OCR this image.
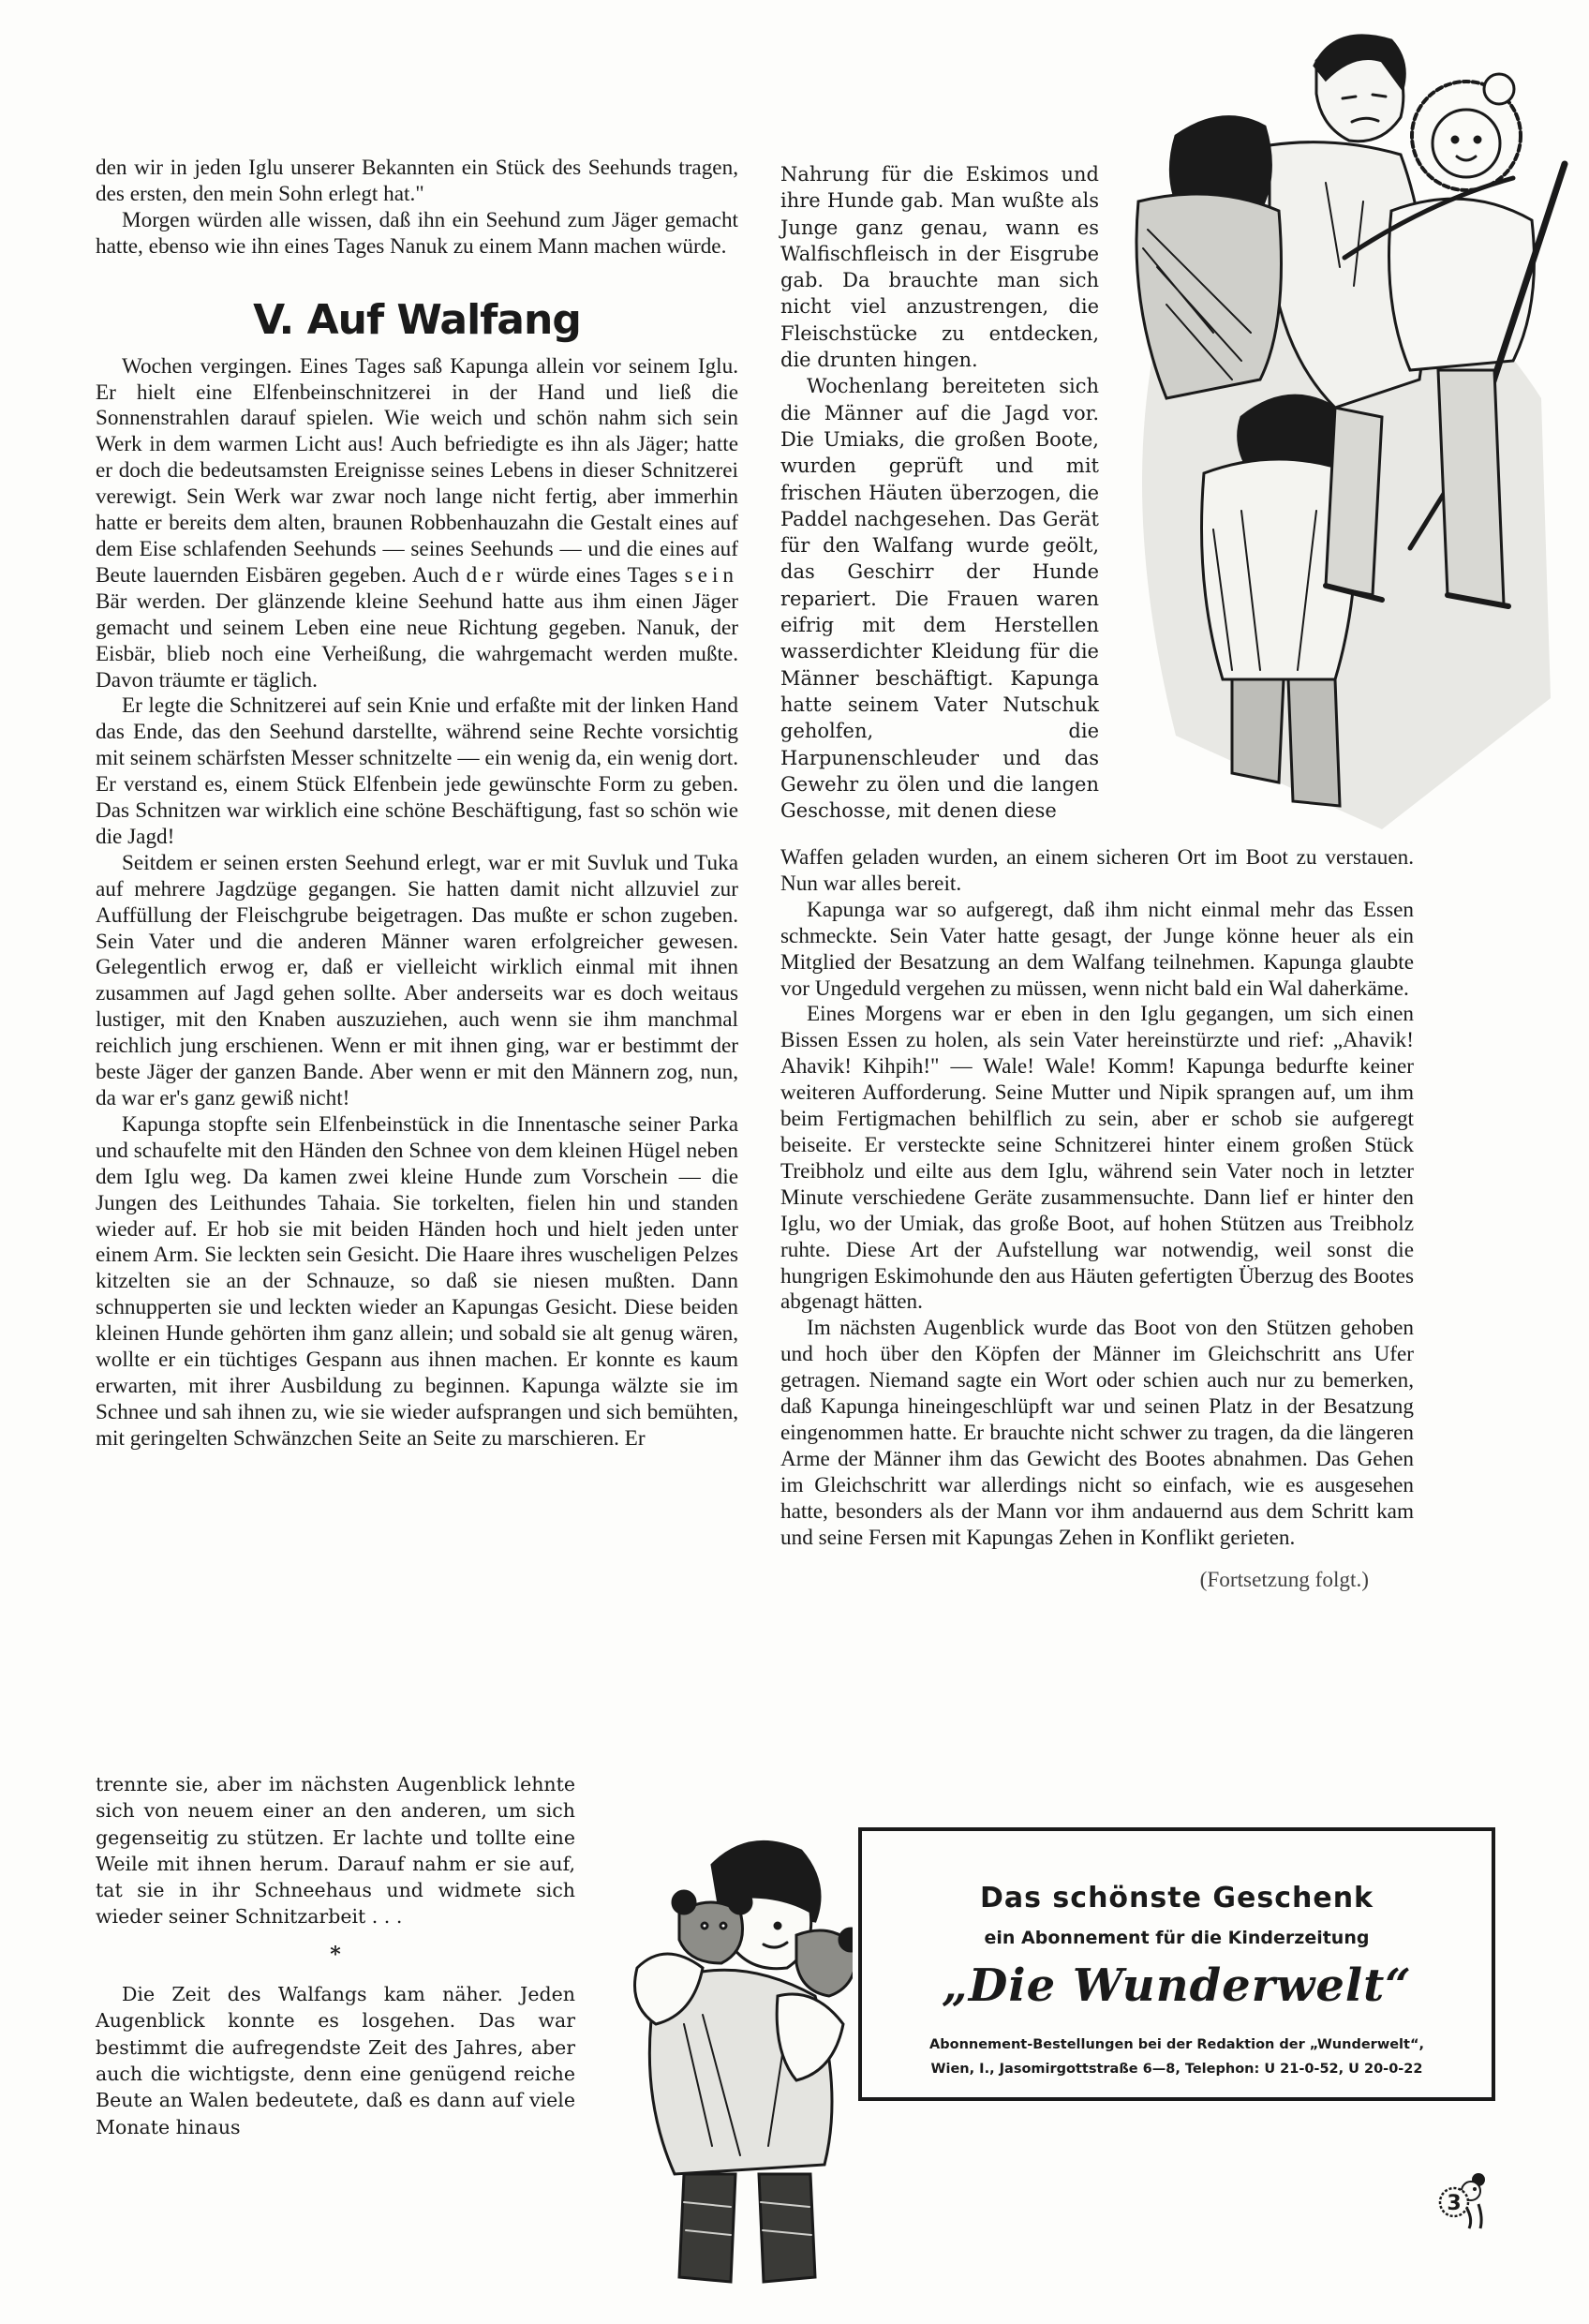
den wir in jeden Iglu unserer Bekannten ein Stück des Seehunds tragen, des ersten, den mein Sohn erlegt hat."

Morgen würden alle wissen, daß ihn ein Seehund zum Jäger gemacht hatte, ebenso wie ihn eines Tages Nanuk zu einem Mann machen würde.

V. Auf Walfang

Wochen vergingen. Eines Tages saß Kapunga allein vor seinem Iglu. Er hielt eine Elfenbeinschnitzerei in der Hand und ließ die Sonnenstrahlen darauf spielen. Wie weich und schön nahm sich sein Werk in dem warmen Licht aus! Auch befriedigte es ihn als Jäger; hatte er doch die bedeutsamsten Ereignisse seines Lebens in dieser Schnitzerei verewigt. Sein Werk war zwar noch lange nicht fertig, aber immerhin hatte er bereits dem alten, braunen Robbenhauzahn die Gestalt eines auf dem Eise schlafenden Seehunds — seines Seehunds — und die eines auf Beute lauernden Eisbären gegeben. Auch der würde eines Tages sein Bär werden. Der glänzende kleine Seehund hatte aus ihm einen Jäger gemacht und seinem Leben eine neue Richtung gegeben. Nanuk, der Eisbär, blieb noch eine Verheißung, die wahrgemacht werden mußte. Davon träumte er täglich.

Er legte die Schnitzerei auf sein Knie und erfaßte mit der linken Hand das Ende, das den Seehund darstellte, während seine Rechte vorsichtig mit seinem schärfsten Messer schnitzelte — ein wenig da, ein wenig dort. Er verstand es, einem Stück Elfenbein jede gewünschte Form zu geben. Das Schnitzen war wirklich eine schöne Beschäftigung, fast so schön wie die Jagd!

Seitdem er seinen ersten Seehund erlegt, war er mit Suvluk und Tuka auf mehrere Jagdzüge gegangen. Sie hatten damit nicht allzuviel zur Auffüllung der Fleischgrube beigetragen. Das mußte er schon zugeben. Sein Vater und die anderen Männer waren erfolgreicher gewesen. Gelegentlich erwog er, daß er vielleicht wirklich einmal mit ihnen zusammen auf Jagd gehen sollte. Aber anderseits war es doch weitaus lustiger, mit den Knaben auszuziehen, auch wenn sie ihm manchmal reichlich jung erschienen. Wenn er mit ihnen ging, war er bestimmt der beste Jäger der ganzen Bande. Aber wenn er mit den Männern zog, nun, da war er's ganz gewiß nicht!

Kapunga stopfte sein Elfenbeinstück in die Innentasche seiner Parka und schaufelte mit den Händen den Schnee von dem kleinen Hügel neben dem Iglu weg. Da kamen zwei kleine Hunde zum Vorschein — die Jungen des Leithundes Tahaia. Sie torkelten, fielen hin und standen wieder auf. Er hob sie mit beiden Händen hoch und hielt jeden unter einem Arm. Sie leckten sein Gesicht. Die Haare ihres wuscheligen Pelzes kitzelten sie an der Schnauze, so daß sie niesen mußten. Dann schnupperten sie und leckten wieder an Kapungas Gesicht. Diese beiden kleinen Hunde gehörten ihm ganz allein; und sobald sie alt genug wären, wollte er ein tüchtiges Gespann aus ihnen machen. Er konnte es kaum erwarten, mit ihrer Ausbildung zu beginnen. Kapunga wälzte sie im Schnee und sah ihnen zu, wie sie wieder aufsprangen und sich bemühten, mit geringelten Schwänzchen Seite an Seite zu marschieren. Er

trennte sie, aber im nächsten Augenblick lehnte sich von neuem einer an den anderen, um sich gegenseitig zu stützen. Er lachte und tollte eine Weile mit ihnen herum. Darauf nahm er sie auf, tat sie in ihr Schneehaus und widmete sich wieder seiner Schnitzarbeit . . .

*

Die Zeit des Walfangs kam näher. Jeden Augenblick konnte es losgehen. Das war bestimmt die aufregendste Zeit des Jahres, aber auch die wichtigste, denn eine genügend reiche Beute an Walen bedeutete, daß es dann auf viele Monate hinaus

Nahrung für die Eskimos und ihre Hunde gab. Man wußte als Junge ganz genau, wann es Walfischfleisch in der Eisgrube gab. Da brauchte man sich nicht viel anzustrengen, die Fleischstücke zu entdecken, die drunten hingen.

Wochenlang bereiteten sich die Männer auf die Jagd vor. Die Umiaks, die großen Boote, wurden geprüft und mit frischen Häuten überzogen, die Paddel nachgesehen. Das Gerät für den Walfang wurde geölt, das Geschirr der Hunde repariert. Die Frauen waren eifrig mit dem Herstellen wasserdichter Kleidung für die Männer beschäftigt. Kapunga hatte seinem Vater Nutschuk geholfen, die Harpunenschleuder und das Gewehr zu ölen und die langen Geschosse, mit denen diese

Waffen geladen wurden, an einem sicheren Ort im Boot zu verstauen. Nun war alles bereit.

Kapunga war so aufgeregt, daß ihm nicht einmal mehr das Essen schmeckte. Sein Vater hatte gesagt, der Junge könne heuer als ein Mitglied der Besatzung an dem Walfang teilnehmen. Kapunga glaubte vor Ungeduld vergehen zu müssen, wenn nicht bald ein Wal daherkäme.

Eines Morgens war er eben in den Iglu gegangen, um sich einen Bissen Essen zu holen, als sein Vater hereinstürzte und rief: „Ahavik! Ahavik! Kihpih!" — Wale! Wale! Komm! Kapunga bedurfte keiner weiteren Aufforderung. Seine Mutter und Nipik sprangen auf, um ihm beim Fertigmachen behilflich zu sein, aber er schob sie aufgeregt beiseite. Er versteckte seine Schnitzerei hinter einem großen Stück Treibholz und eilte aus dem Iglu, während sein Vater noch in letzter Minute verschiedene Geräte zusammensuchte. Dann lief er hinter den Iglu, wo der Umiak, das große Boot, auf hohen Stützen aus Treibholz ruhte. Diese Art der Aufstellung war notwendig, weil sonst die hungrigen Eskimohunde den aus Häuten gefertigten Überzug des Bootes abgenagt hätten.

Im nächsten Augenblick wurde das Boot von den Stützen gehoben und hoch über den Köpfen der Männer im Gleichschritt ans Ufer getragen. Niemand sagte ein Wort oder schien auch nur zu bemerken, daß Kapunga hineingeschlüpft war und seinen Platz in der Besatzung eingenommen hatte. Er brauchte nicht schwer zu tragen, da die längeren Arme der Männer ihm das Gewicht des Bootes abnahmen. Das Gehen im Gleichschritt war allerdings nicht so einfach, wie es ausgesehen hatte, besonders als der Mann vor ihm andauernd aus dem Schritt kam und seine Fersen mit Kapungas Zehen in Konflikt gerieten.

(Fortsetzung folgt.)
Das schönste Geschenk
ein Abonnement für die Kinderzeitung
„Die Wunderwelt“
Abonnement-Bestellungen bei der Redaktion der „Wunderwelt“,
Wien, I., Jasomirgottstraße 6—8, Telephon: U 21-0-52, U 20-0-22
3
